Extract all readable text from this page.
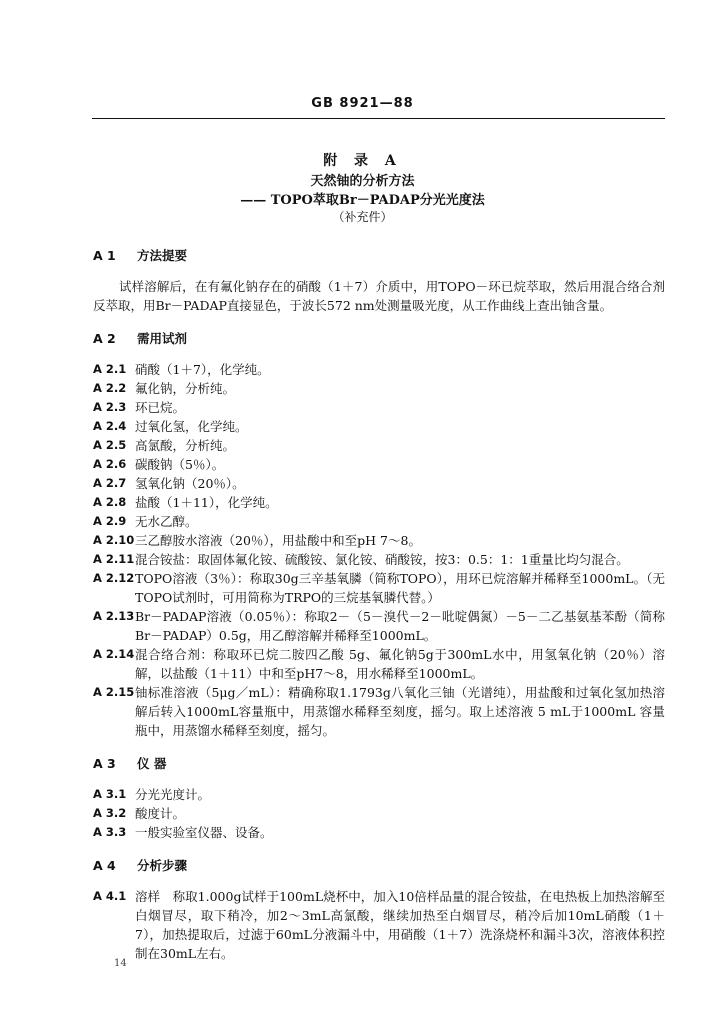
GB 8921—88
附 录 A
天然铀的分析方法
—— TOPO萃取Br－PADAP分光光度法
（补充件）
A 1 方法提要

试样溶解后，在有氟化钠存在的硝酸（1＋7）介质中，用TOPO－环已烷萃取，然后用混合络合剂反萃取，用Br－PADAP直接显色，于波长572 nm处测量吸光度，从工作曲线上查出铀含量。

A 2 需用试剂
A 2.1 硝酸（1＋7），化学纯。
A 2.2 氟化钠，分析纯。
A 2.3 环已烷。
A 2.4 过氧化氢，化学纯。
A 2.5 高氯酸，分析纯。
A 2.6 碳酸钠（5％）。
A 2.7 氢氧化钠（20％）。
A 2.8 盐酸（1＋11），化学纯。
A 2.9 无水乙醇。
A 2.10 三乙醇胺水溶液（20％），用盐酸中和至pH 7～8。
A 2.11 混合铵盐：取固体氟化铵、硫酸铵、氯化铵、硝酸铵，按3：0.5：1：1重量比均匀混合。
A 2.12 TOPO溶液（3％）：称取30g三辛基氧膦（简称TOPO），用环已烷溶解并稀释至1000mL。（无TOPO试剂时，可用简称为TRPO的三烷基氧膦代替。）
A 2.13 Br－PADAP溶液（0.05％）：称取2－（5－溴代－2－吡啶偶氮）－5－二乙基氨基苯酚（简称Br－PADAP）0.5g，用乙醇溶解并稀释至1000mL。
A 2.14 混合络合剂：称取环已烷二胺四乙酸 5g、氟化钠5g于300mL水中，用氢氧化钠（20％）溶解，以盐酸（1＋11）中和至pH7～8，用水稀释至1000mL。
A 2.15 铀标准溶液（5μg／mL）：精确称取1.1793g八氧化三铀（光谱纯），用盐酸和过氧化氢加热溶解后转入1000mL容量瓶中，用蒸馏水稀释至刻度，摇匀。取上述溶液 5 mL于1000mL 容量瓶中，用蒸馏水稀释至刻度，摇匀。
A 3 仪 器
A 3.1 分光光度计。
A 3.2 酸度计。
A 3.3 一般实验室仪器、设备。
A 4 分析步骤
A 4.1 溶样　称取1.000g试样于100mL烧杯中，加入10倍样品量的混合铵盐，在电热板上加热溶解至白烟冒尽，取下稍冷，加2～3mL高氯酸，继续加热至白烟冒尽，稍冷后加10mL硝酸（1＋7），加热提取后，过滤于60mL分液漏斗中，用硝酸（1＋7）洗涤烧杯和漏斗3次，溶液体积控制在30mL左右。
14
